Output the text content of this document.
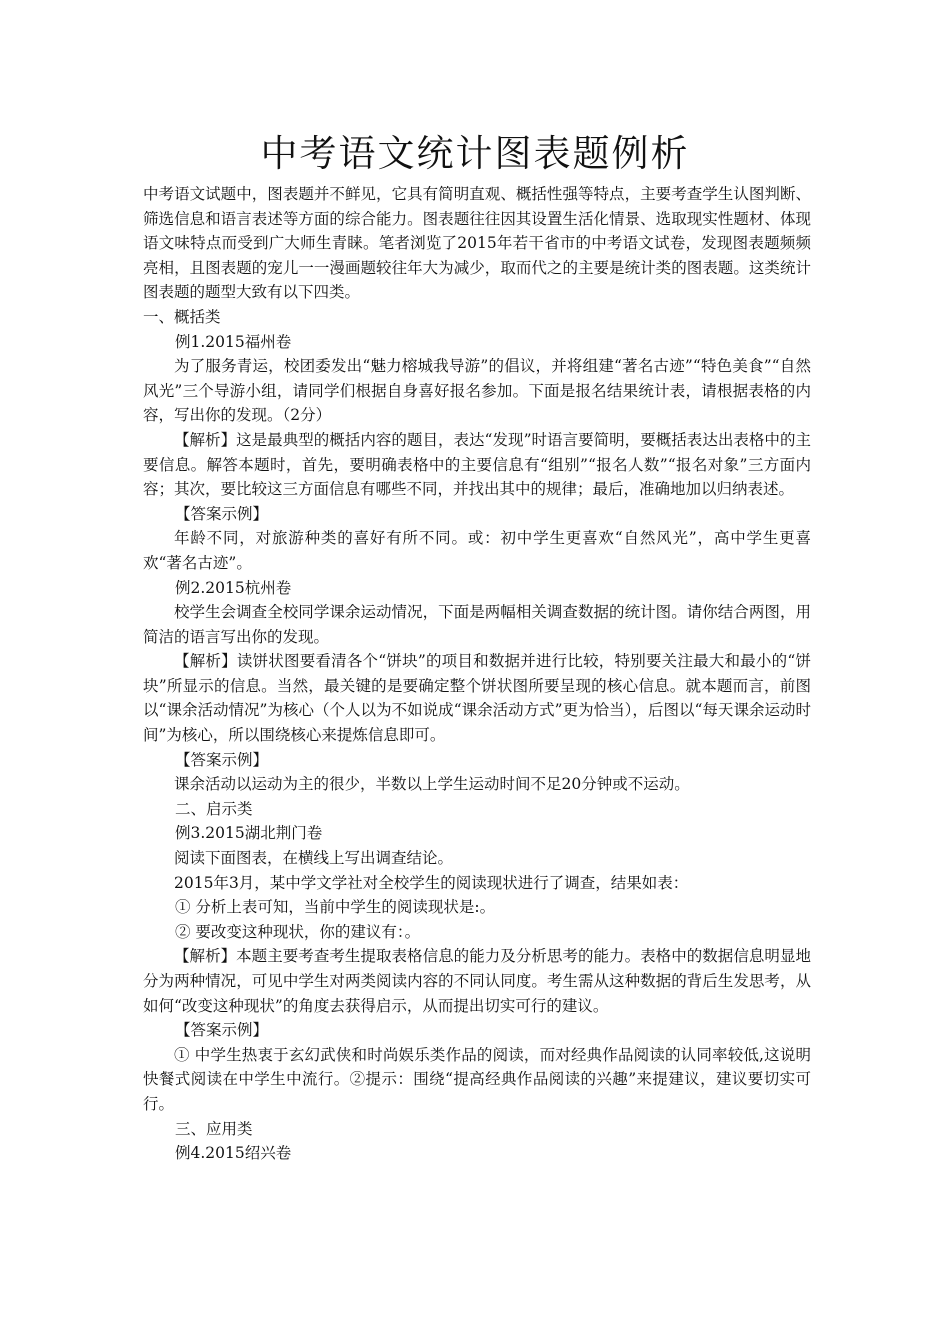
中考语文统计图表题例析

中考语文试题中，图表题并不鲜见，它具有简明直观、概括性强等特点，主要考查学生认图判断、筛选信息和语言表述等方面的综合能力。图表题往往因其设置生活化情景、选取现实性题材、体现语文味特点而受到广大师生青睐。笔者浏览了2015年若干省市的中考语文试卷，发现图表题频频亮相，且图表题的宠儿一一漫画题较往年大为减少，取而代之的主要是统计类的图表题。这类统计图表题的题型大致有以下四类。

一、概括类

例1.2015福州卷

为了服务青运，校团委发出“魅力榕城我导游”的倡议，并将组建“著名古迹”“特色美食”“自然风光”三个导游小组，请同学们根据自身喜好报名参加。下面是报名结果统计表，请根据表格的内容，写出你的发现。（2分）

【解析】这是最典型的概括内容的题目，表达“发现”时语言要简明，要概括表达出表格中的主要信息。解答本题时，首先，要明确表格中的主要信息有“组别”“报名人数”“报名对象”三方面内容；其次，要比较这三方面信息有哪些不同，并找出其中的规律；最后，准确地加以归纳表述。

【答案示例】

年龄不同，对旅游种类的喜好有所不同。或：初中学生更喜欢“自然风光”，高中学生更喜欢“著名古迹”。

例2.2015杭州卷

校学生会调查全校同学课余运动情况，下面是两幅相关调查数据的统计图。请你结合两图，用简洁的语言写出你的发现。

【解析】读饼状图要看清各个“饼块”的项目和数据并进行比较，特别要关注最大和最小的“饼块”所显示的信息。当然，最关键的是要确定整个饼状图所要呈现的核心信息。就本题而言，前图以“课余活动情况”为核心（个人以为不如说成“课余活动方式”更为恰当），后图以“每天课余运动时间”为核心，所以围绕核心来提炼信息即可。

【答案示例】

课余活动以运动为主的很少，半数以上学生运动时间不足20分钟或不运动。

二、启示类

例3.2015湖北荆门卷

阅读下面图表，在横线上写出调查结论。

2015年3月，某中学文学社对全校学生的阅读现状进行了调查，结果如表：

① 分析上表可知，当前中学生的阅读现状是:。

② 要改变这种现状，你的建议有：。

【解析】本题主要考查考生提取表格信息的能力及分析思考的能力。表格中的数据信息明显地分为两种情况，可见中学生对两类阅读内容的不同认同度。考生需从这种数据的背后生发思考，从如何“改变这种现状”的角度去获得启示，从而提出切实可行的建议。

【答案示例】

① 中学生热衷于玄幻武侠和时尚娱乐类作品的阅读，而对经典作品阅读的认同率较低,这说明快餐式阅读在中学生中流行。②提示：围绕“提高经典作品阅读的兴趣”来提建议，建议要切实可行。

三、应用类

例4.2015绍兴卷
